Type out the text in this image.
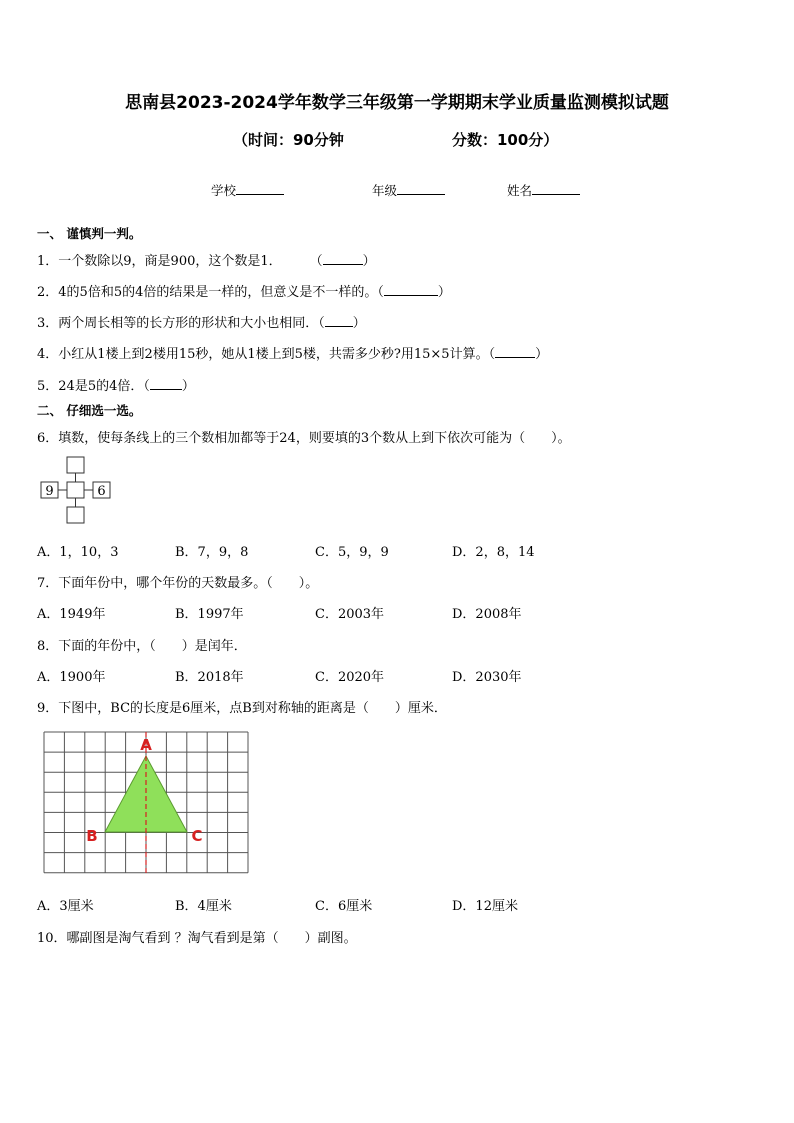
思南县2023-2024学年数学三年级第一学期期末学业质量监测模拟试题
（时间：90分钟	分数：100分）
学校	年级	姓名
一、 谨慎判一判。
1．一个数除以9，商是900，这个数是1． （	）
2．4的5倍和5的4倍的结果是一样的，但意义是不一样的。（	）
3．两个周长相等的长方形的形状和大小也相同．（ ）
4．小红从1楼上到2楼用15秒，她从1楼上到5楼，共需多少秒?用15×5计算。（	）
5．24是5的4倍．（ ）
二、 仔细选一选。
6．填数，使每条线上的三个数相加都等于24，则要填的3个数从上到下依次可能为（　　）。
9	6
A．1，10，3	B．7，9，8	C．5，9，9	D．2，8，14
7．下面年份中，哪个年份的天数最多。（　　）。
A．1949年	B．1997年	C．2003年	D．2008年
8．下面的年份中，（　　）是闰年．
A．1900年	B．2018年	C．2020年	D．2030年
9．下图中，BC的长度是6厘米，点B到对称轴的距离是（　　）厘米．
A
B	C
A．3厘米	B．4厘米	C．6厘米	D．12厘米
10．哪副图是淘气看到 ？淘气看到是第（　　）副图。
